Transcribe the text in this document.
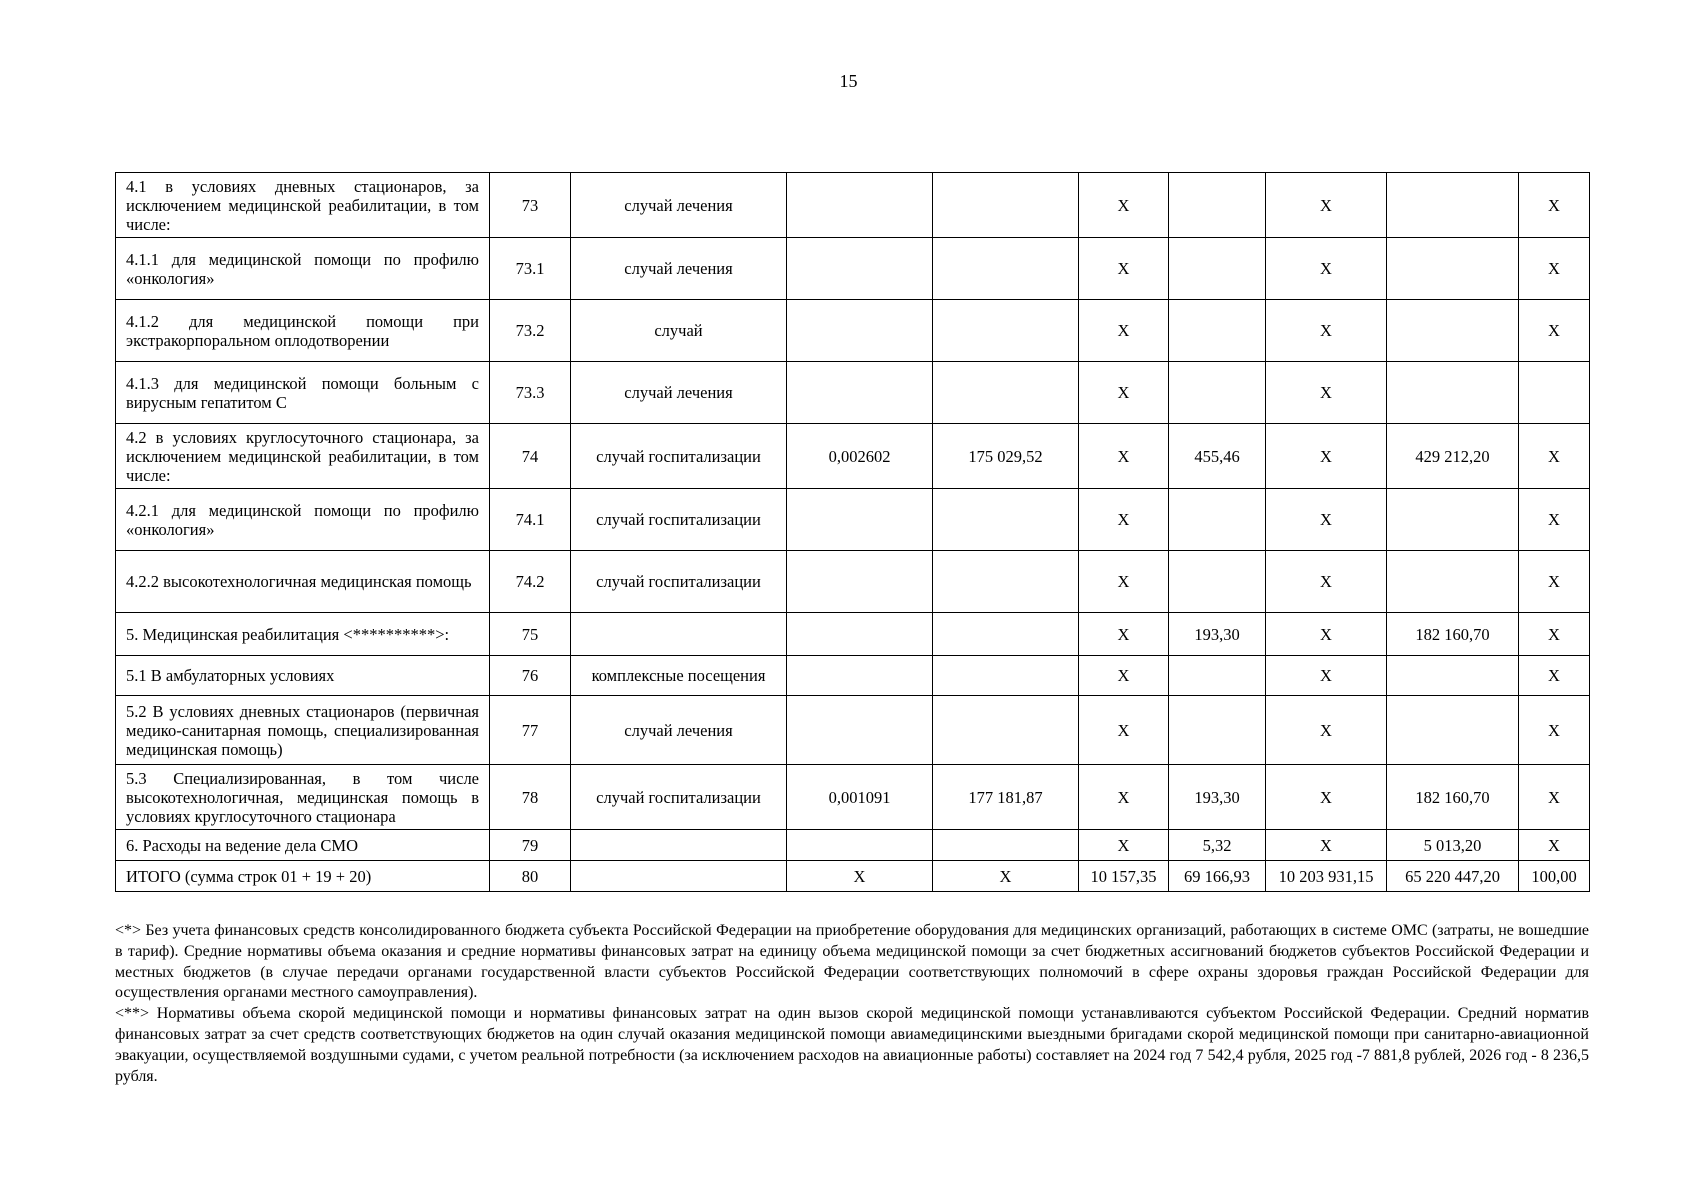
15
4.1 в условиях дневных стационаров, за исключением медицинской реабилитации, в том числе:	73	случай лечения			X		X		X
4.1.1 для медицинской помощи по профилю «онкология»	73.1	случай лечения			X		X		X
4.1.2 для медицинской помощи при экстракорпоральном оплодотворении	73.2	случай			X		X		X
4.1.3 для медицинской помощи больным с вирусным гепатитом С	73.3	случай лечения			X		X		
4.2 в условиях круглосуточного стационара, за исключением медицинской реабилитации, в том числе:	74	случай госпитализации	0,002602	175 029,52	X	455,46	X	429 212,20	X
4.2.1 для медицинской помощи по профилю «онкология»	74.1	случай госпитализации			X		X		X
4.2.2 высокотехнологичная медицинская помощь	74.2	случай госпитализации			X		X		X
5. Медицинская реабилитация <**********>:	75				X	193,30	X	182 160,70	X
5.1 В амбулаторных условиях	76	комплексные посещения			X		X		X
5.2 В условиях дневных стационаров (первичная медико-санитарная помощь, специализированная медицинская помощь)	77	случай лечения			X		X		X
5.3 Специализированная, в том числе высокотехнологичная, медицинская помощь в условиях круглосуточного стационара	78	случай госпитализации	0,001091	177 181,87	X	193,30	X	182 160,70	X
6. Расходы на ведение дела СМО	79				X	5,32	X	5 013,20	X
ИТОГО (сумма строк 01 + 19 + 20)	80		X	X	10 157,35	69 166,93	10 203 931,15	65 220 447,20	100,00

<*> Без учета финансовых средств консолидированного бюджета субъекта Российской Федерации на приобретение оборудования для медицинских организаций, работающих в системе ОМС (затраты, не вошедшие в тариф). Средние нормативы объема оказания и средние нормативы финансовых затрат на единицу объема медицинской помощи за счет бюджетных ассигнований бюджетов субъектов Российской Федерации и местных бюджетов (в случае передачи органами государственной власти субъектов Российской Федерации соответствующих полномочий в сфере охраны здоровья граждан Российской Федерации для осуществления органами местного самоуправления).

<**> Нормативы объема скорой медицинской помощи и нормативы финансовых затрат на один вызов скорой медицинской помощи устанавливаются субъектом Российской Федерации. Средний норматив финансовых затрат за счет средств соответствующих бюджетов на один случай оказания медицинской помощи авиамедицинскими выездными бригадами скорой медицинской помощи при санитарно-авиационной эвакуации, осуществляемой воздушными судами, с учетом реальной потребности (за исключением расходов на авиационные работы) составляет на 2024 год 7 542,4 рубля, 2025 год -7 881,8 рублей, 2026 год - 8 236,5 рубля.
